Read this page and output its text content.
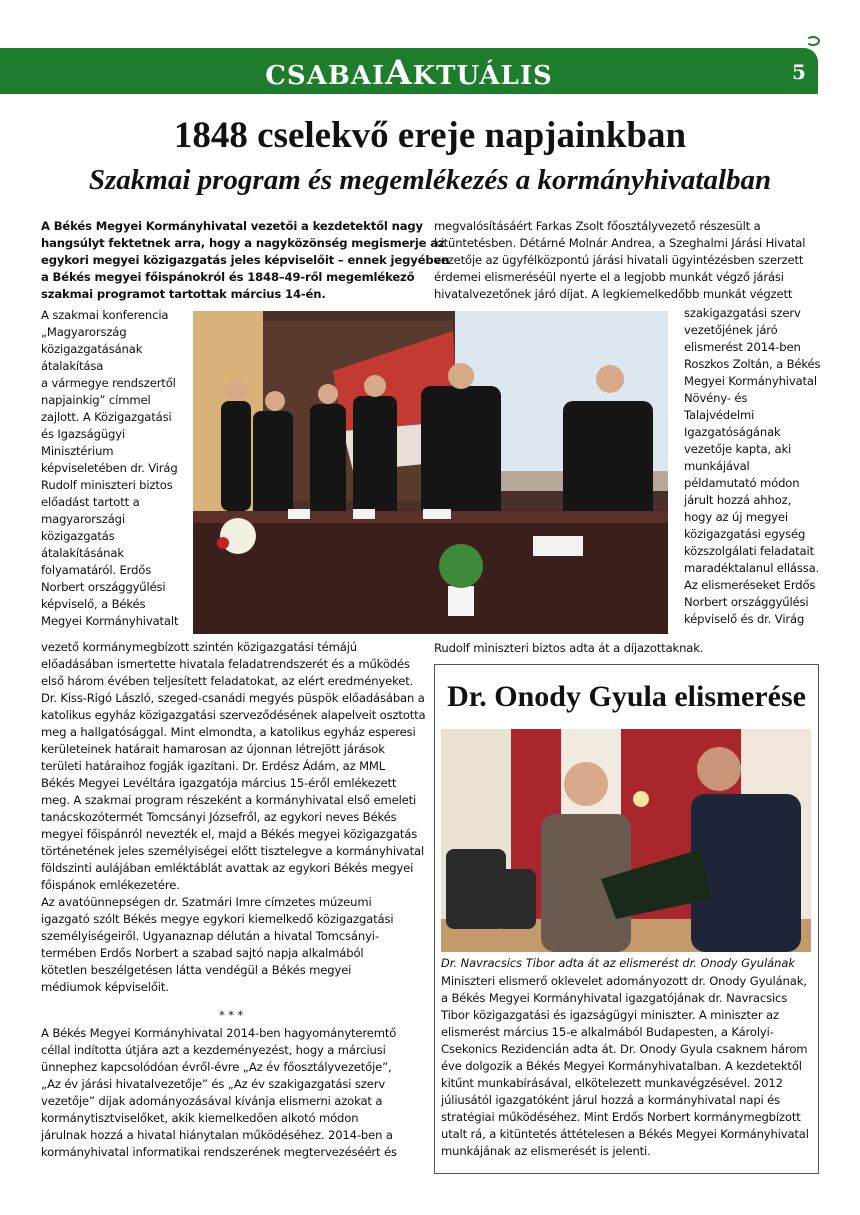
CSABAIAKTUÁLIS	5
1848 cselekvő ereje napjainkban
Szakmai program és megemlékezés a kormányhivatalban
A Békés Megyei Kormányhivatal vezetői a kezdetektől nagy
hangsúlyt fektetnek arra, hogy a nagyközönség megismerje az
egykori megyei közigazgatás jeles képviselőit – ennek jegyében
a Békés megyei főispánokról és 1848–49-ről megemlékező
szakmai programot tartottak március 14-én.
A szakmai konferencia
„Magyarország
közigazgatásának
átalakítása
a vármegye rendszertől
napjainkig” címmel
zajlott. A Közigazgatási
és Igazságügyi
Minisztérium
képviseletében dr. Virág
Rudolf miniszteri biztos
előadást tartott a
magyarországi
közigazgatás
átalakításának
folyamatáról. Erdős
Norbert országgyűlési
képviselő, a Békés
Megyei Kormányhivatalt
vezető kormánymegbízott szintén közigazgatási témájú
előadásában ismertette hivatala feladatrendszerét és a működés
első három évében teljesített feladatokat, az elért eredményeket.
Dr. Kiss-Rigó László, szeged-csanádi megyés püspök előadásában a
katolikus egyház közigazgatási szerveződésének alapelveit osztotta
meg a hallgatósággal. Mint elmondta, a katolikus egyház esperesi
kerületeinek határait hamarosan az újonnan létrejött járások
területi határaihoz fogják igazítani. Dr. Erdész Ádám, az MML
Békés Megyei Levéltára igazgatója március 15-éről emlékezett
meg. A szakmai program részeként a kormányhivatal első emeleti
tanácskozótermét Tomcsányi Józsefről, az egykori neves Békés
megyei főispánról nevezték el, majd a Békés megyei közigazgatás
történetének jeles személyiségei előtt tisztelegve a kormányhivatal
földszinti aulájában emléktáblát avattak az egykori Békés megyei
főispánok emlékezetére.
Az avatóünnepségen dr. Szatmári Imre címzetes múzeumi
igazgató szólt Békés megye egykori kiemelkedő közigazgatási
személyiségeiről. Ugyanaznap délután a hivatal Tomcsányi-
termében Erdős Norbert a szabad sajtó napja alkalmából
kötetlen beszélgetésen látta vendégül a Békés megyei
médiumok képviselőit.
* * *
A Békés Megyei Kormányhivatal 2014-ben hagyományteremtő
céllal indította útjára azt a kezdeményezést, hogy a márciusi
ünnephez kapcsolódóan évről-évre „Az év főosztályvezetője”,
„Az év járási hivatalvezetője” és „Az év szakigazgatási szerv
vezetője” díjak adományozásával kívánja elismerni azokat a
kormánytisztviselőket, akik kiemelkedően alkotó módon
járulnak hozzá a hivatal hiánytalan működéséhez. 2014-ben a
kormányhivatal informatikai rendszerének megtervezéséért és
megvalósításáért Farkas Zsolt főosztályvezető részesült a
kitüntetésben. Détárné Molnár Andrea, a Szeghalmi Járási Hivatal
vezetője az ügyfélközpontú járási hivatali ügyintézésben szerzett
érdemei elismeréséül nyerte el a legjobb munkát végző járási
hivatalvezetőnek járó díjat. A legkiemelkedőbb munkát végzett
szakigazgatási szerv
vezetőjének járó
elismerést 2014-ben
Roszkos Zoltán, a Békés
Megyei Kormányhivatal
Növény- és
Talajvédelmi
Igazgatóságának
vezetője kapta, aki
munkájával
példamutató módon
járult hozzá ahhoz,
hogy az új megyei
közigazgatási egység
közszolgálati feladatait
maradéktalanul ellássa.
Az elismeréseket Erdős
Norbert országgyűlési
képviselő és dr. Virág
Rudolf miniszteri biztos adta át a díjazottaknak.
Dr. Onody Gyula elismerése
Dr. Navracsics Tibor adta át az elismerést dr. Onody Gyulának
Miniszteri elismerő oklevelet adományozott dr. Onody Gyulának,
a Békés Megyei Kormányhivatal igazgatójának dr. Navracsics
Tibor közigazgatási és igazságügyi miniszter. A miniszter az
elismerést március 15-e alkalmából Budapesten, a Károlyi-
Csekonics Rezidencián adta át. Dr. Onody Gyula csaknem három
éve dolgozik a Békés Megyei Kormányhivatalban. A kezdetektől
kitűnt munkabírásával, elkötelezett munkavégzésével. 2012
júliusától igazgatóként járul hozzá a kormányhivatal napi és
stratégiai működéséhez. Mint Erdős Norbert kormánymegbízott
utalt rá, a kitüntetés áttételesen a Békés Megyei Kormányhivatal
munkájának az elismerését is jelenti.
